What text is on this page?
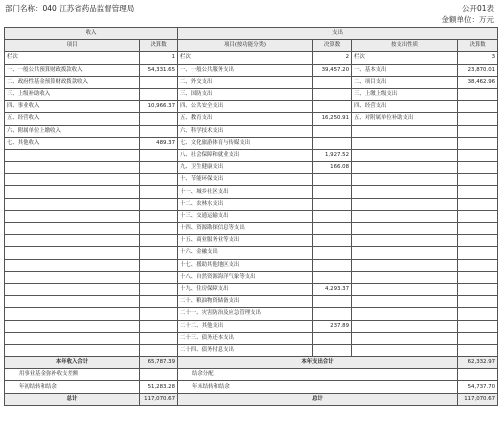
部门名称：040 江苏省药品监督管理局	公开01表
金额单位：万元
收入		支出			
项目	决算数	项目(按功能分类)	决算数	按支出性质	决算数
栏次	1	栏次	2	栏次	3
一、一般公共预算财政拨款收入	54,331.65	一、一般公共服务支出	39,457.20	一、基本支出	23,870.01
二、政府性基金预算财政拨款收入		二、外交支出		二、项目支出	38,462.96
三、上级补助收入		三、国防支出		三、上缴上级支出	
四、事业收入	10,966.37	四、公共安全支出		四、经营支出	
五、经营收入		五、教育支出	16,250.91	五、对附属单位补助支出	
六、附属单位上缴收入		六、科学技术支出			
七、其他收入	489.37	七、文化旅游体育与传媒支出			
		八、社会保障和就业支出	1,927.52		
		九、卫生健康支出	166.08		
		十、节能环保支出			
		十一、城乡社区支出			
		十二、农林水支出			
		十三、交通运输支出			
		十四、资源勘探信息等支出			
		十五、商业服务业等支出			
		十六、金融支出			
		十七、援助其他地区支出			
		十八、自然资源海洋气象等支出			
		十九、住房保障支出	4,293.37		
		二十、粮油物资储备支出			
		二十一、灾害防治及应急管理支出			
		二十二、其他支出	237.89		
		二十三、债务还本支出			
		二十四、债务付息支出			
本年收入合计	65,787.39	本年支出合计			62,332.97
用事业基金弥补收支差额		结余分配			
年初结转和结余	51,283.28	年末结转和结余			54,737.70
总计	117,070.67	总计			117,070.67
